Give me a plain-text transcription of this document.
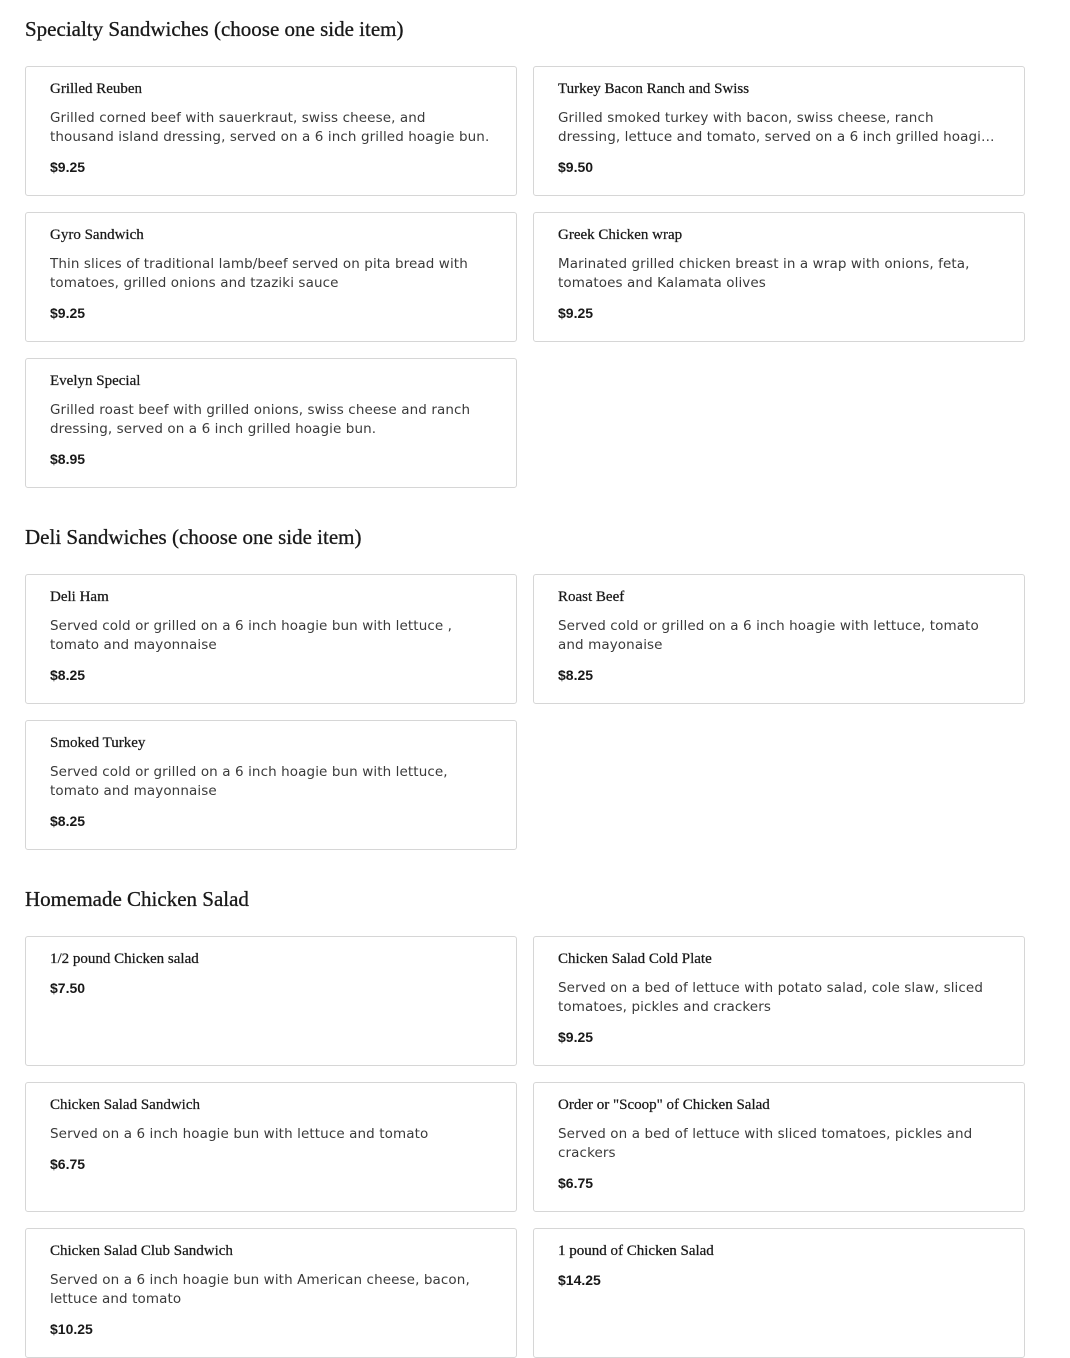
Specialty Sandwiches (choose one side item)
Grilled Reuben
Grilled corned beef with sauerkraut, swiss cheese, and thousand island dressing, served on a 6 inch grilled hoagie bun.
$9.25
Turkey Bacon Ranch and Swiss
Grilled smoked turkey with bacon, swiss cheese, ranch dressing, lettuce and tomato, served on a 6 inch grilled hoagie
$9.50
Gyro Sandwich
Thin slices of traditional lamb/beef served on pita bread with tomatoes, grilled onions and tzaziki sauce
$9.25
Greek Chicken wrap
Marinated grilled chicken breast in a wrap with onions, feta, tomatoes and Kalamata olives
$9.25
Evelyn Special
Grilled roast beef with grilled onions, swiss cheese and ranch dressing, served on a 6 inch grilled hoagie bun.
$8.95
Deli Sandwiches (choose one side item)
Deli Ham
Served cold or grilled on a 6 inch hoagie bun with lettuce , tomato and mayonnaise
$8.25
Roast Beef
Served cold or grilled on a 6 inch hoagie with lettuce, tomato and mayonaise
$8.25
Smoked Turkey
Served cold or grilled on a 6 inch hoagie bun with lettuce, tomato and mayonnaise
$8.25
Homemade Chicken Salad
1/2 pound Chicken salad
$7.50
Chicken Salad Cold Plate
Served on a bed of lettuce with potato salad, cole slaw, sliced tomatoes, pickles and crackers
$9.25
Chicken Salad Sandwich
Served on a 6 inch hoagie bun with lettuce and tomato
$6.75
Order or "Scoop" of Chicken Salad
Served on a bed of lettuce with sliced tomatoes, pickles and crackers
$6.75
Chicken Salad Club Sandwich
Served on a 6 inch hoagie bun with American cheese, bacon, lettuce and tomato
$10.25
1 pound of Chicken Salad
$14.25
